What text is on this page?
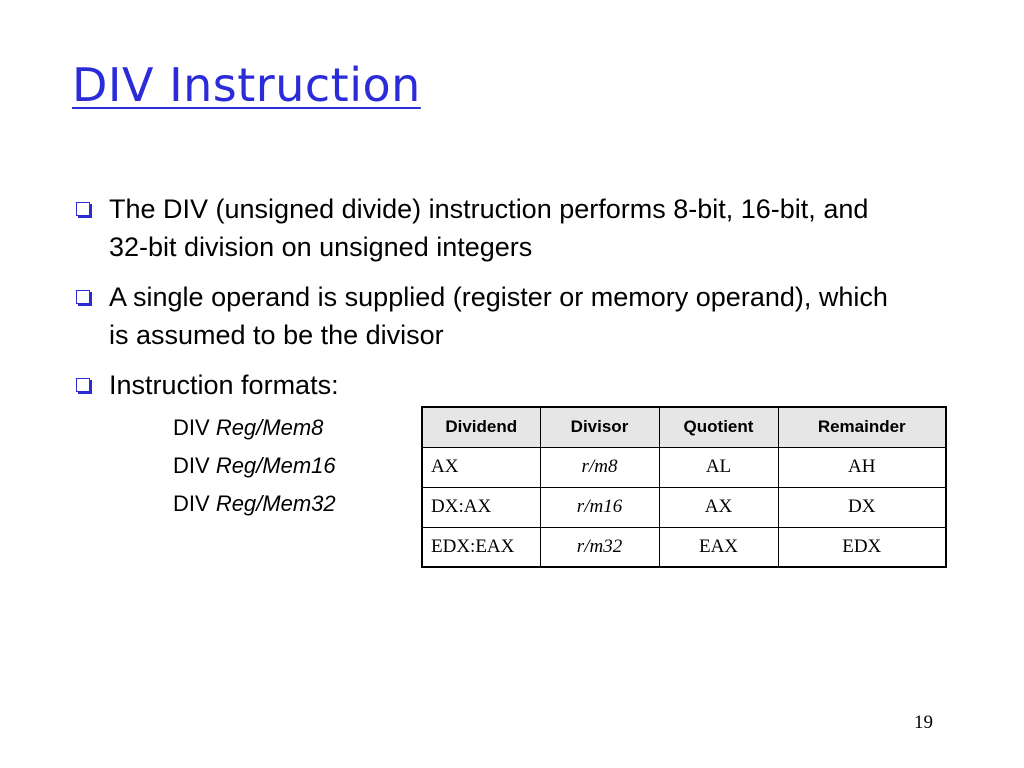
DIV Instruction
The DIV (unsigned divide) instruction performs 8-bit, 16-bit, and 32-bit division on unsigned integers
A single operand is supplied (register or memory operand), which is assumed to be the divisor
Instruction formats:
DIV Reg/Mem8
DIV Reg/Mem16
DIV Reg/Mem32
Dividend	Divisor	Quotient	Remainder
AX	r/m8	AL	AH
DX:AX	r/m16	AX	DX
EDX:EAX	r/m32	EAX	EDX
19
